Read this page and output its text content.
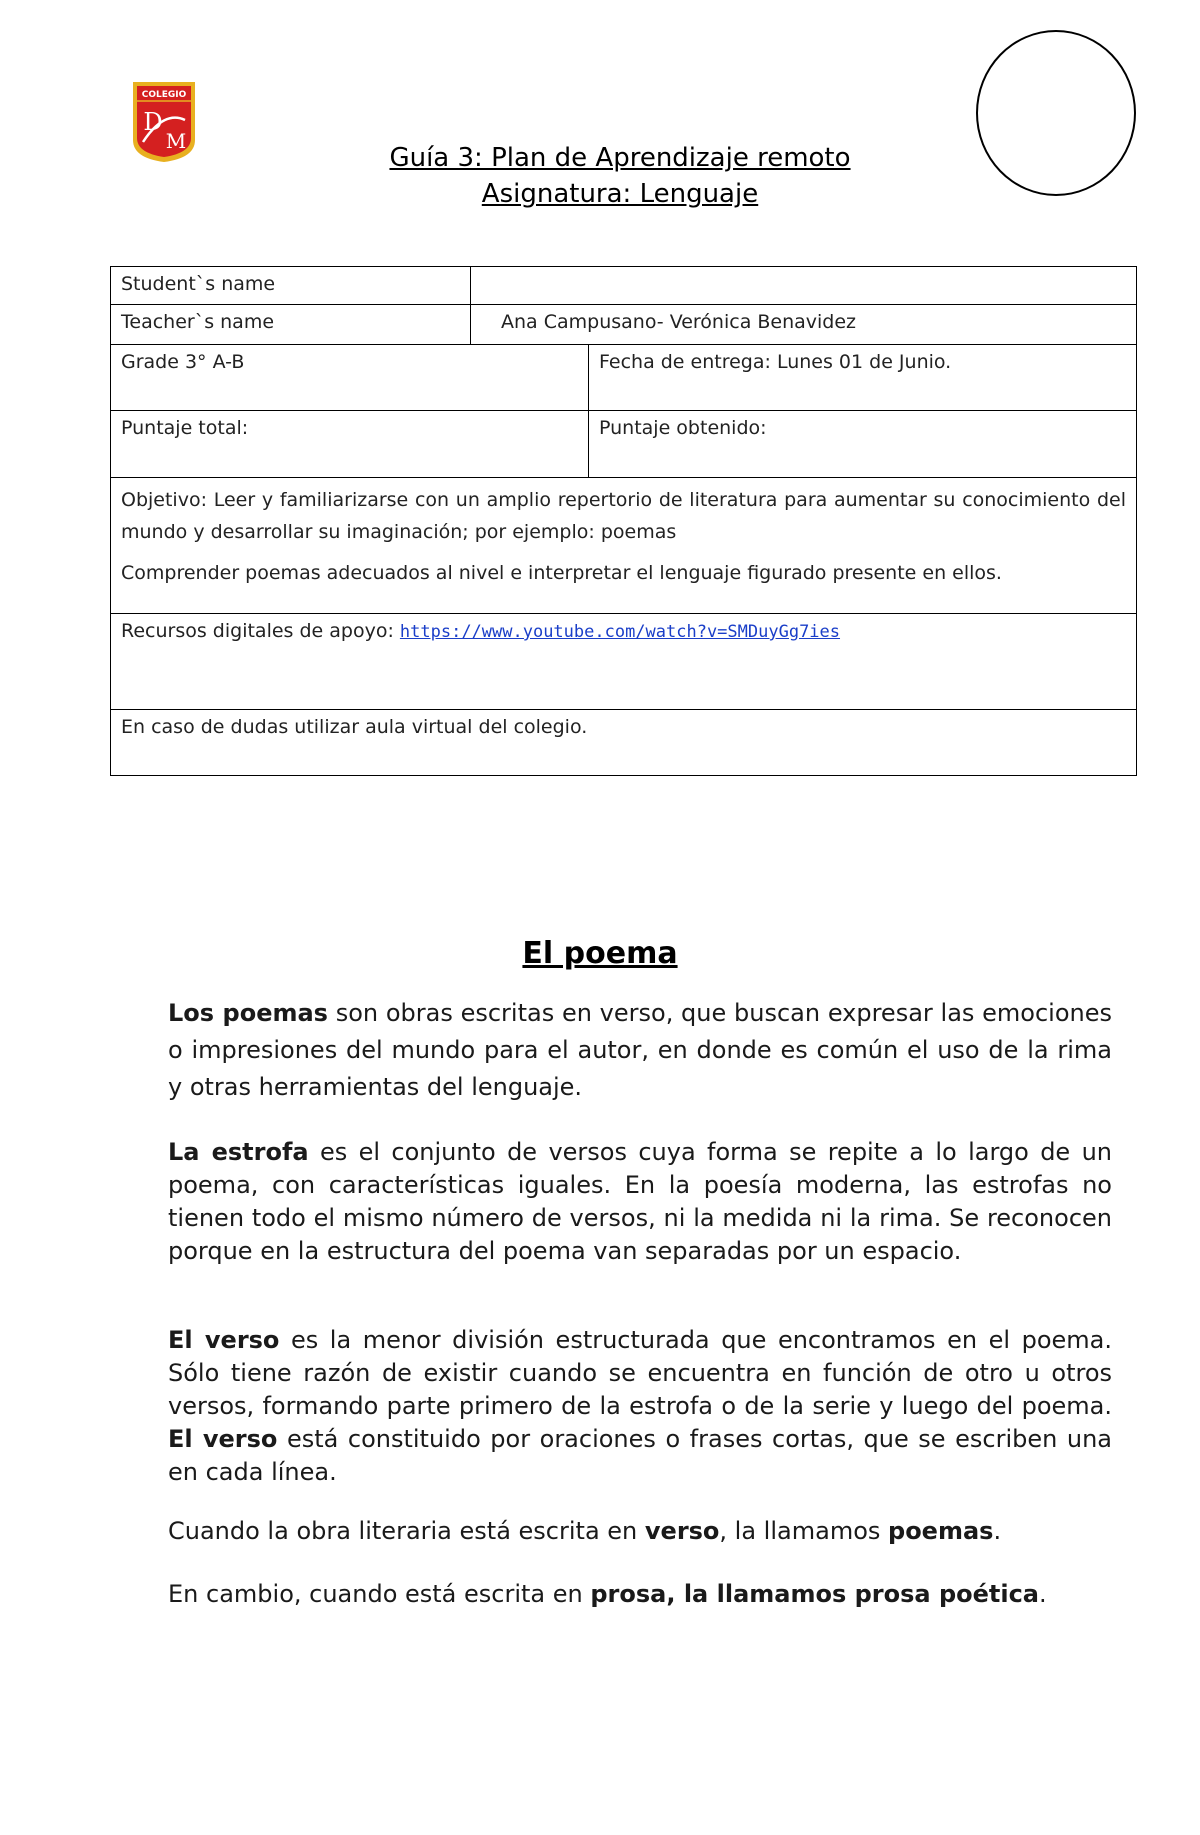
COLEGIO
D
M
Guía 3: Plan de Aprendizaje remoto
Asignatura: Lenguaje
Student`s name		
Teacher`s name	Ana Campusano- Verónica Benavidez	
Grade 3° A-B		Fecha de entrega: Lunes 01 de Junio.
Puntaje total:		Puntaje obtenido:

Objetivo: Leer y familiarizarse con un amplio repertorio de literatura para aumentar su conocimiento del mundo y desarrollar su imaginación; por ejemplo: poemas

Comprender poemas adecuados al nivel e interpretar el lenguaje figurado presente en ellos.		

Recursos digitales de apoyo: https://www.youtube.com/watch?v=SMDuyGg7ies		
En caso de dudas utilizar aula virtual del colegio.		
El poema

Los poemas son obras escritas en verso, que buscan expresar las emociones o impresiones del mundo para el autor, en donde es común el uso de la rima y otras herramientas del lenguaje.

La estrofa es el conjunto de versos cuya forma se repite a lo largo de un poema, con características iguales. En la poesía moderna, las estrofas no tienen todo el mismo número de versos, ni la medida ni la rima. Se reconocen porque en la estructura del poema van separadas por un espacio.

El verso es la menor división estructurada que encontramos en el poema. Sólo tiene razón de existir cuando se encuentra en función de otro u otros versos, formando parte primero de la estrofa o de la serie y luego del poema. El verso está constituido por oraciones o frases cortas, que se escriben una en cada línea.

Cuando la obra literaria está escrita en verso, la llamamos poemas.

En cambio, cuando está escrita en prosa, la llamamos prosa poética.
